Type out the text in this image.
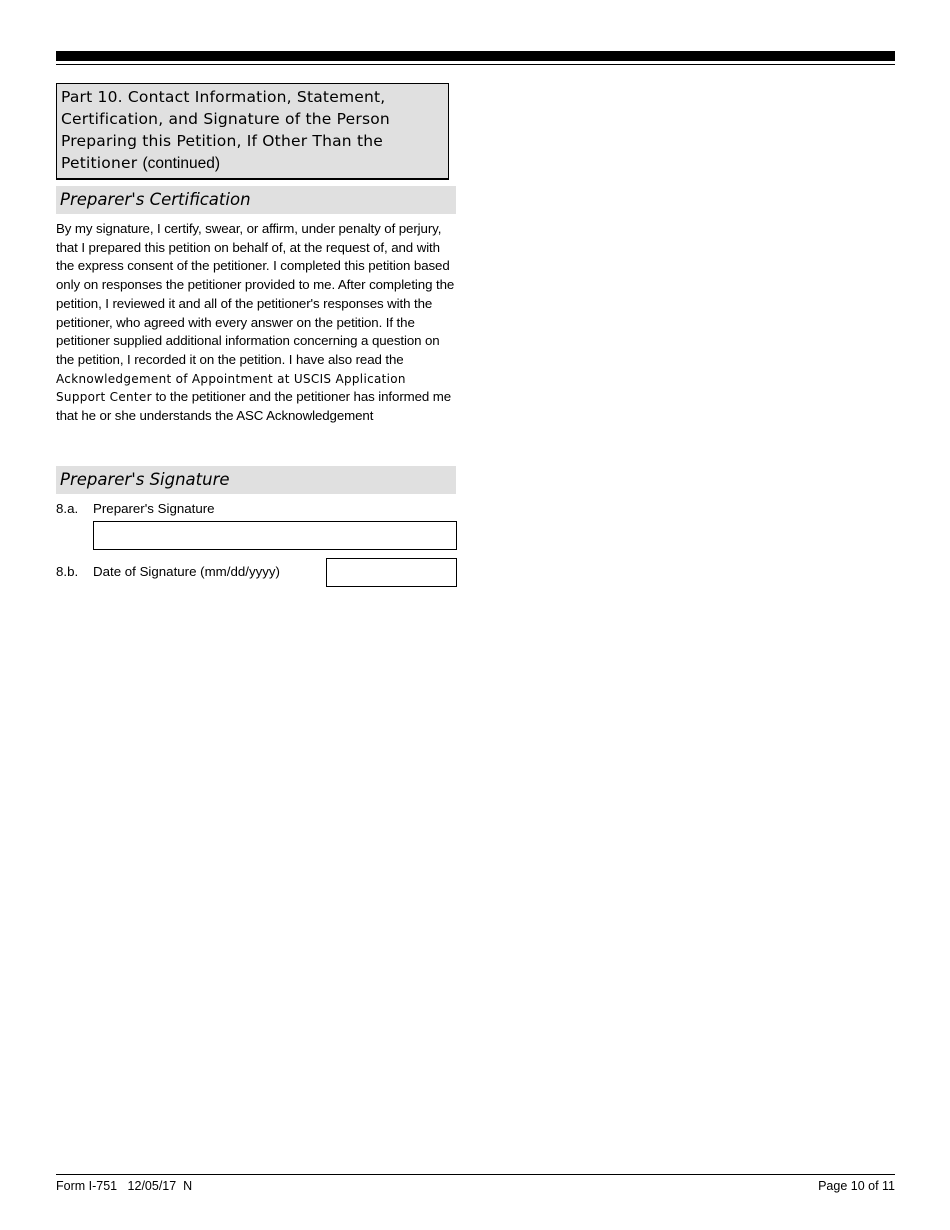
Part 10. Contact Information, Statement, Certification, and Signature of the Person Preparing this Petition, If Other Than the Petitioner (continued)
Preparer's Certification
By my signature, I certify, swear, or affirm, under penalty of perjury, that I prepared this petition on behalf of, at the request of, and with the express consent of the petitioner. I completed this petition based only on responses the petitioner provided to me. After completing the petition, I reviewed it and all of the petitioner's responses with the petitioner, who agreed with every answer on the petition. If the petitioner supplied additional information concerning a question on the petition, I recorded it on the petition. I have also read the Acknowledgement of Appointment at USCIS Application Support Center to the petitioner and the petitioner has informed me that he or she understands the ASC Acknowledgement
Preparer's Signature
8.a. Preparer's Signature
8.b. Date of Signature (mm/dd/yyyy)
Form I-751   12/05/17  N	Page 10 of 11
